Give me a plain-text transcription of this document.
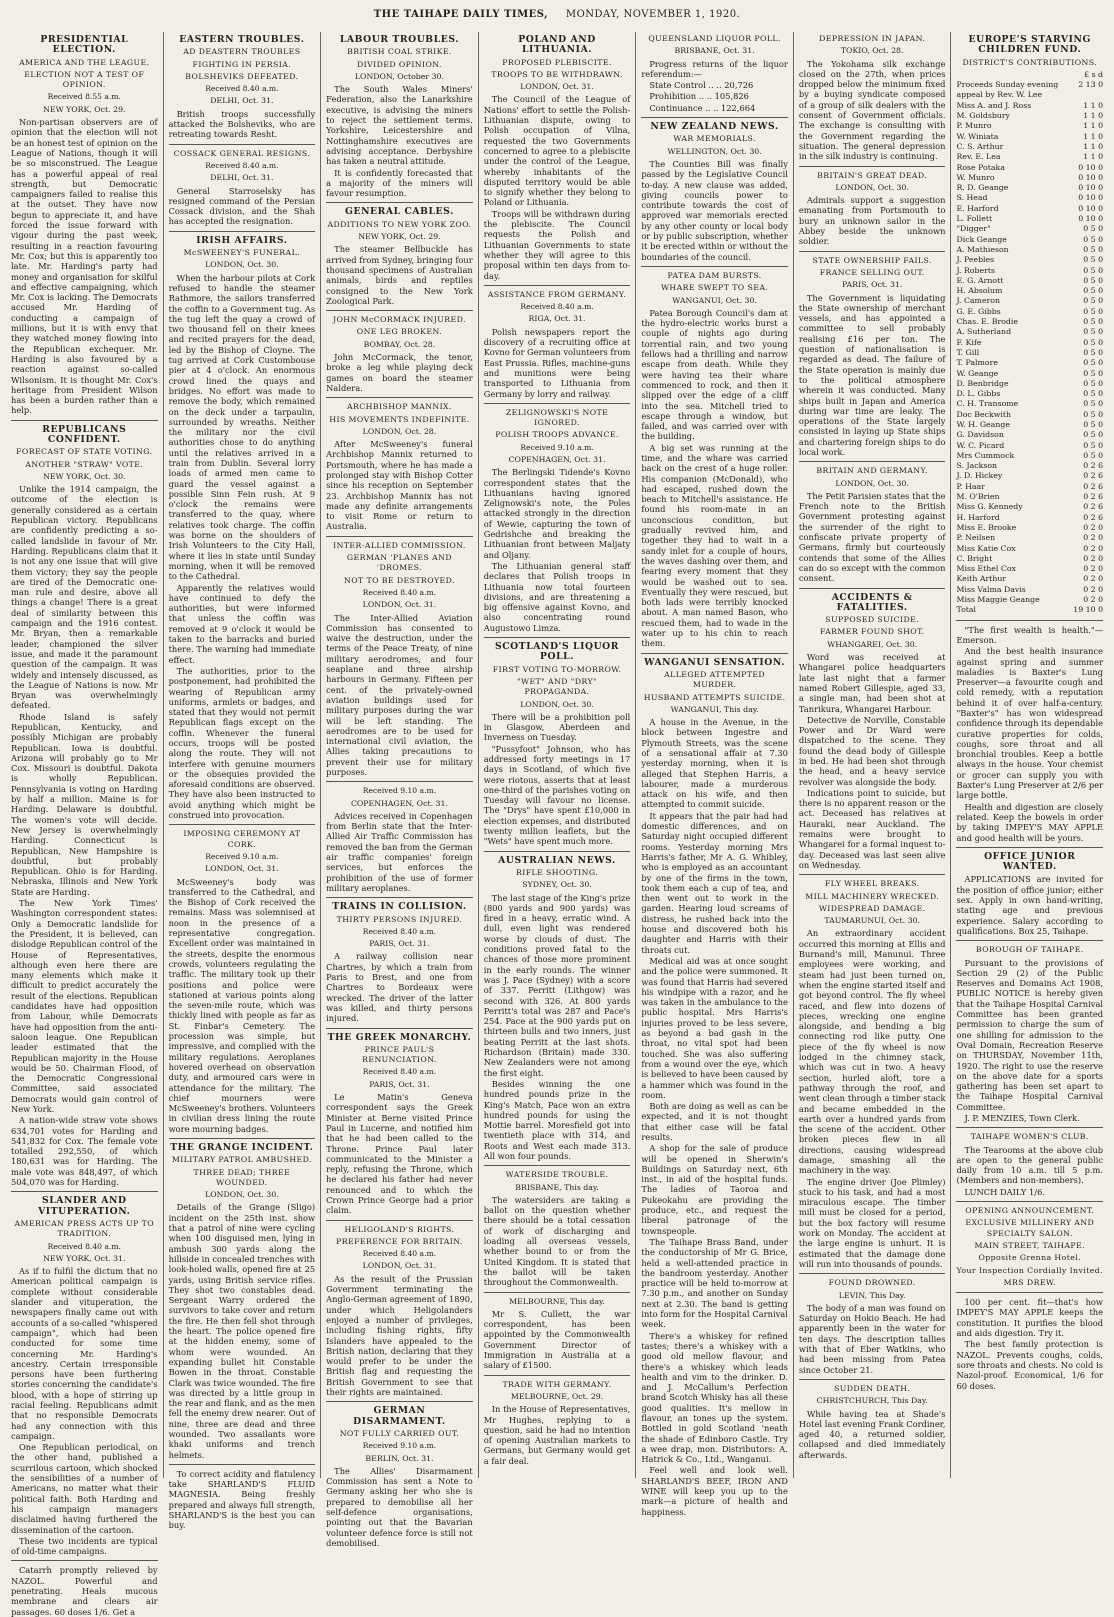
THE TAIHAPE DAILY TIMES, MONDAY, NOVEMBER 1, 1920.
PRESIDENTIAL ELECTION.
AMERICA AND THE LEAGUE.
ELECTION NOT A TEST OF OPINION.
Received 8.55 a.m.
NEW YORK, Oct. 29.
Non-partisan observers are of opinion that the election will not be an honest test of opinion on the League of Nations, though it will be so misconstrued. The League has a powerful appeal of real strength, but Democratic campaigners failed to realise this at the outset. They have now begun to appreciate it, and have forced the issue forward with vigour during the past week, resulting in a reaction favouring Mr. Cox; but this is apparently too late. Mr. Harding's party had money and organisation for skilful and effective campaigning, which Mr. Cox is lacking. The Democrats accused Mr. Harding of conducting a campaign of millions, but it is with envy that they watched money flowing into the Republican exchequer. Mr. Harding is also favoured by a reaction against so-called Wilsonism. It is thought Mr. Cox's heritage from President Wilson has been a burden rather than a help.
REPUBLICANS CONFIDENT.
FORECAST OF STATE VOTING.
ANOTHER "STRAW" VOTE.
NEW YORK, Oct. 30.
Unlike the 1914 campaign, the outcome of the election is generally considered as a certain Republican victory. Republicans are confidently predicting a so-called landslide in favour of Mr. Harding. Republicans claim that it is not any one issue that will give them victory; they say the people are tired of the Democratic one-man rule and desire, above all things a change! There is a great deal of similarity between this campaign and the 1916 contest. Mr. Bryan, then a remarkable leader, championed the silver issue, and made it the paramount question of the campaign. It was widely and intensely discussed, as the League of Nations is now. Mr Bryan was overwhelmingly defeated.
Rhode Island is safely Republican, Kentucky, and possibly Michigan are probably Republican. Iowa is doubtful. Arizona will probably go to Mr Cox. Missouri is doubtful. Dakota is wholly Republican. Pennsylvania is voting on Harding by half a million. Maine is for Harding. Delaware is doubtful. The women's vote will decide. New Jersey is overwhelmingly Harding. Connecticut is Republican, New Hampshire is doubtful, but probably Republican. Ohio is for Harding. Nebraska, Illinois and New York State are Harding.
The New York Times' Washington correspondent states: Only a Democratic landslide for the President, it is believed, can dislodge Republican control of the House of Representatives, although even here there are many elements which make it difficult to predict accurately the result of the elections. Republican candidates have had opposition from Labour, while Democrats have had opposition from the anti-saloon league. One Republican leader estimated that the Republican majority in the House would be 50. Chairman Flood, of the Democratic Congressional Committee, said associated Democrats would gain control of New York.
A nation-wide straw vote shows 634,701 votes for Harding and 541,832 for Cox. The female vote totalled 292,550, of which 180,631 was for Harding. The male vote was 848,497, of which 504,070 was for Harding.
SLANDER AND VITUPERATION.
AMERICAN PRESS ACTS UP TO TRADITION.
Received 8.40 a.m.
NEW YORK, Oct. 31.
As if to fulfil the dictum that no American political campaign is complete without considerable slander and vituperation, the newspapers finally came out with accounts of a so-called "whispered campaign", which had been conducted for some time concerning Mr. Harding's ancestry. Certain irresponsible persons have been furthering stories concerning the candidate's blood, with a hope of stirring up racial feeling. Republicans admit that no responsible Democrats had any connection with this campaign.
One Republican periodical, on the other hand, published a scurrilous cartoon, which shocked the sensibilities of a number of Americans, no matter what their political faith. Both Harding and his campaign managers disclaimed having furthered the dissemination of the cartoon.
These two incidents are typical of old-time campaigns.
Catarrh promptly relieved by NAZOL. Powerful and penetrating. Heals mucous membrane and clears air passages. 60 doses 1/6. Get a
EASTERN TROUBLES.
AD DEASTERN TROUBLES
FIGHTING IN PERSIA.
BOLSHEVIKS DEFEATED.
Received 8.40 a.m.
DELHI, Oct. 31.
British troops successfully attacked the Bolsheviks, who are retreating towards Resht.
COSSACK GENERAL RESIGNS.
Received 8.40 a.m.
DELHI, Oct. 31.
General Starroselsky has resigned command of the Persian Cossack division, and the Shah has accepted the resignation.
IRISH AFFAIRS.
McSWEENEY'S FUNERAL.
LONDON, Oct. 30.
When the harbour pilots at Cork refused to handle the steamer Rathmore, the sailors transferred the coffin to a Government tug. As the tug left the quay a crowd of two thousand fell on their knees and recited prayers for the dead, led by the Bishop of Cloyne. The tug arrived at Cork Custombouse pier at 4 o'clock. An enormous crowd lined the quays and bridges. No effort was made to remove the body, which remained on the deck under a tarpaulin, surrounded by wreaths. Neither the military nor the civil authorities chose to do anything until the relatives arrived in a train from Dublin. Several lorry loads of armed men came to guard the vessel against a possible Sinn Fein rush. At 9 o'clock the remains were transferred to the quay, where relatives took charge. The coffin was borne on the shoulders of Irish Volunteers to the City Hall, where it lies in state until Sunday morning, when it will be removed to the Cathedral.
Apparently the relatives would have continued to defy the authorities, but were informed that unless the coffin was removed at 9 o'clock it would be taken to the barracks and buried there. The warning had immediate effect.
The authorities, prior to the postponement, had prohibited the wearing of Republican army uniforms, armlets or badges, and stated that they would not permit Republican flags except on the coffin. Whenever the funeral occurs, troops will be posted along the route. They will not interfere with genuine mourners or the obsequies provided the aforesaid conditions are observed. They have also been instructed to avoid anything which might be construed into provocation.
IMPOSING CEREMONY AT CORK.
Received 9.10 a.m.
LONDON, Oct. 31.
McSweeney's body was transferred to the Cathedral, and the Bishop of Cork received the remains. Mass was solemnised at noon in the presence of a representative congregation. Excellent order was maintained in the streets, despite the enormous crowds, volunteers regulating the traffic. The military took up their positions and police were stationed at various points along the seven-mile route, which was thickly lined with people as far as St. Finbar's Cemetery. The procession was simple, but impressive, and complied with the military regulations. Aeroplanes hovered overhead on observation duty, and armoured cars were in attendance for the military. The chief mourners were McSweeney's brothers. Volunteers in civilian dress lining the route wore mourning badges.
THE GRANGE INCIDENT.
MILITARY PATROL AMBUSHED.
THREE DEAD; THREE WOUNDED.
LONDON, Oct. 30.
Details of the Grange (Sligo) incident on the 25th inst. show that a patrol of nine were cycling when 100 disguised men, lying in ambush 300 yards along the hillside in concealed trenches with look-holed walls, opened fire at 25 yards, using British service rifles. They shot two constables dead. Sergeant Warry ordered the survivors to take cover and return the fire. He then fell shot through the heart. The police opened fire at the hidden enemy, some of whom were wounded. An expanding bullet hit Constable Bowen in the throat. Constable Clark was twice wounded. The fire was directed by a little group in the rear and flank, and as the men fell the enemy drew nearer. Out of nine, three are dead and three wounded. Two assailants wore khaki uniforms and trench helmets.
To correct acidity and flatulency take SHARLAND'S FLUID MAGNESIA. Being freshly prepared and always full strength, SHARLAND'S is the best you can buy.
LABOUR TROUBLES.
BRITISH COAL STRIKE.
DIVIDED OPINION.
LONDON, October 30.
The South Wales Miners' Federation, also the Lanarkshire executive, is advising the miners to reject the settlement terms. Yorkshire, Leicestershire and Nottinghamshire executives are advising acceptance. Derbyshire has taken a neutral attitude.
It is confidently forecasted that a majority of the miners will favour resumption.
GENERAL CABLES.
ADDITIONS TO NEW YORK ZOO.
NEW YORK, Oct. 29.
The steamer Bellbuckle has arrived from Sydney, bringing four thousand specimens of Australian animals, birds and reptiles consigned to the New York Zoological Park.
JOHN McCORMACK INJURED.
ONE LEG BROKEN.
BOMBAY, Oct. 28.
John McCormack, the tenor, broke a leg while playing deck games on board the steamer Naldera.
ARCHBISHOP MANNIX.
HIS MOVEMENTS INDEFINITE.
LONDON, Oct. 28.
After McSweeney's funeral Archbishop Mannix returned to Portsmouth, where he has made a prolonged stay with Bishop Cotter since his reception on September 23. Archbishop Mannix has not made any definite arrangements to visit Rome or return to Australia.
INTER-ALLIED COMMISSION.
GERMAN 'PLANES AND 'DROMES.
NOT TO BE DESTROYED.
Received 8.40 a.m.
LONDON, Oct. 31.
The Inter-Allied Aviation Commission has consented to waive the destruction, under the terms of the Peace Treaty, of nine military aerodromes, and four seaplane and three airship harbours in Germany. Fifteen per cent. of the privately-owned aviation buildings used for military purposes during the war will be left standing. The aerodromes are to be used for international civil aviation, the Allies taking precautions to prevent their use for military purposes.
Received 9.10 a.m.
COPENHAGEN, Oct. 31.
Advices received in Copenhagen from Berlin state that the Inter-Allied Air Traffic Commission has removed the ban from the German air traffic companies' foreign services, but enforces the prohibition of the use of former military aeroplanes.
TRAINS IN COLLISION.
THIRTY PERSONS INJURED.
Received 8.40 a.m.
PARIS, Oct. 31.
A railway collision near Chartres, by which a train from Paris to Brest, and one from Chartres to Bordeaux were wrecked. The driver of the latter was killed, and thirty persons injured.
THE GREEK MONARCHY.
PRINCE PAUL'S RENUNCIATION.
Received 8.40 a.m.
PARIS, Oct. 31.
Le Matin's Geneva correspondent says the Greek Minister at Berne visited Prince Paul in Lucerne, and notified him that he had been called to the Throne. Prince Paul later communicated to the Minister a reply, refusing the Throne, which he declared his father had never renounced and to which the Crown Prince George had a prior claim.
HELIGOLAND'S RIGHTS.
PREFERENCE FOR BRITAIN.
Received 8.40 a.m.
LONDON, Oct. 31.
As the result of the Prussian Government terminating the Anglo-German agreement of 1890, under which Heligolanders enjoyed a number of privileges, including fishing rights, fifty Islanders have appealed to the British nation, declaring that they would prefer to be under the British flag and requesting the British Government to see that their rights are maintained.
GERMAN DISARMAMENT.
NOT FULLY CARRIED OUT.
Received 9.10 a.m.
BERLIN, Oct. 31.
The Allies' Disarmament Commission has sent a Note to Germany asking her who she is prepared to demobilise all her self-defence organisations, pointing out that the Bavarian volunteer defence force is still not demobilised.
POLAND AND LITHUANIA.
PROPOSED PLEBISCITE.
TROOPS TO BE WITHDRAWN.
LONDON, Oct. 31.
The Council of the League of Nations' effort to settle the Polish-Lithuanian dispute, owing to Polish occupation of Vilna, requested the two Governments concerned to agree to a plebiscite under the control of the League, whereby inhabitants of the disputed territory would be able to signify whether they belong to Poland or Lithuania.
Troops will be withdrawn during the plebiscite. The Council requests the Polish and Lithuanian Governments to state whether they will agree to this proposal within ten days from to-day.
ASSISTANCE FROM GERMANY.
Received 8.40 a.m.
RIGA, Oct. 31.
Polish newspapers report the discovery of a recruiting office at Kovno for German volunteers from East Prussia. Rifles, machine-guns and munitions were being transported to Lithuania from Germany by lorry and railway.
ZELIGNOWSKI'S NOTE IGNORED.
POLISH TROOPS ADVANCE.
Received 9.10 a.m.
COPENHAGEN, Oct. 31.
The Berlingski Tidende's Kovno correspondent states that the Lithuanians having ignored Zelignowski's note, the Poles attacked strongly in the direction of Wewie, capturing the town of Gedrishche and breaking the Lithuanian front between Maljaty and Oljany.
The Lithuanian general staff declares that Polish troops in Lithuania now total fourteen divisions, and are threatening a big offensive against Kovno, and also concentrating round Augustowo Limza.
SCOTLAND'S LIQUOR POLL.
FIRST VOTING TO-MORROW.
"WET" AND "DRY" PROPAGANDA.
LONDON, Oct. 30.
There will be a prohibition poll in Glasgow, Aberdeen and Inverness on Tuesday.
"Pussyfoot" Johnson, who has addressed forty meetings in 17 days in Scotland, of which five were riotous, asserts that at least one-third of the parishes voting on Tuesday will favour no license. The "Drys" have spent £10,000 in election expenses, and distributed twenty million leaflets, but the "Wets" have spent much more.
AUSTRALIAN NEWS.
RIFLE SHOOTING.
SYDNEY, Oct. 30.
The last stage of the King's prize (800 yards and 900 yards) was fired in a heavy, erratic wind. A dull, even light was rendered worse by clouds of dust. The conditions proved fatal to the chances of those more prominent in the early rounds. The winner was J. Pace (Sydney) with a score of 337. Perritt (Lithgow) was second with 326. At 800 yards Perritt's total was 287 and Pace's 254. Pace at the 900 yards put on thirteen bulls and two inners, just beating Perritt at the last shots. Richardson (Britain) made 330. New Zealanders were not among the first eight.
Besides winning the one hundred pounds prize in the King's Match, Pace won an extra hundred pounds for using the Mottie barrel. Moresfield got into twentieth place with 314, and Roots and West each made 313. All won four pounds.
WATERSIDE TROUBLE.
BRISBANE, This day.
The watersiders are taking a ballot on the question whether there should be a total cessation of work of discharging and loading all overseas vessels, whether bound to or from the United Kingdom. It is stated that the ballot will be taken throughout the Commonwealth.
MELBOURNE, This day.
Mr S. Cullett, the war correspondent, has been appointed by the Commonwealth Government Director of Immigration in Australia at a salary of £1500.
TRADE WITH GERMANY.
MELBOURNE, Oct. 29.
In the House of Representatives, Mr Hughes, replying to a question, said he had no intention of opening Australian markets to Germans, but Germany would get a fair deal.
QUEENSLAND LIQUOR POLL.
BRISBANE, Oct. 31.
Progress returns of the liquor referendum:—
State Control .. .. 20,726
Prohibition .. .. 105,826
Continuance .. .. 122,664
NEW ZEALAND NEWS.
WAR MEMORIALS.
WELLINGTON, Oct. 30.
The Counties Bill was finally passed by the Legislative Council to-day. A new clause was added, giving councils power to contribute towards the cost of approved war memorials erected by any other county or local body or by public subscription, whether it be erected within or without the boundaries of the council.
PATEA DAM BURSTS.
WHARE SWEPT TO SEA.
WANGANUI, Oct. 30.
Patea Borough Council's dam at the hydro-electric works burst a couple of nights ago during torrential rain, and two young fellows had a thrilling and narrow escape from death. While they were having tea their whare commenced to rock, and then it slipped over the edge of a cliff into the sea. Mitchell tried to escape through a window, but failed, and was carried over with the building.
A big set was running at the time, and the whare was carried back on the crest of a huge roller. His companion (McDonald), who had escaped, rushed down the beach to Mitchell's assistance. He found his room-mate in an unconscious condition, but gradually revived him, and together they had to wait in a sandy inlet for a couple of hours, the waves dashing over them, and fearing every moment that they would be washed out to sea. Eventually they were rescued, but both lads were terribly knocked about. A man named Bason, who rescued them, had to wade in the water up to his chin to reach them.
WANGANUI SENSATION.
ALLEGED ATTEMPTED MURDER.
HUSBAND ATTEMPTS SUICIDE.
WANGANUI, This day.
A house in the Avenue, in the block between Ingestre and Plymouth Streets, was the scene of a sensational affair at 7.30 yesterday morning, when it is alleged that Stephen Harris, a labourer, made a murderous attack on his wife, and then attempted to commit suicide.
It appears that the pair had had domestic differences, and on Saturday night occupied different rooms. Yesterday morning Mrs Harris's father, Mr A. G. Whibley, who is employed as an accountant by one of the firms in the town, took them each a cup of tea, and then went out to work in the garden. Hearing loud screams of distress, he rushed back into the house and discovered both his daughter and Harris with their throats cut.
Medical aid was at once sought and the police were summoned. It was found that Harris had severed his windpipe with a razor, and he was taken in the ambulance to the public hospital. Mrs Harris's injuries proved to be less severe, as beyond a bad gash in the throat, no vital spot had been touched. She was also suffering from a wound over the eye, which is believed to have been caused by a hammer which was found in the room.
Both are doing as well as can be expected, and it is not thought that either case will be fatal results.
A shop for the sale of produce will be opened in Sherwin's Buildings on Saturday next, 6th inst., in aid of the hospital funds. The ladies of Taoroa and Pukeokahu are providing the produce, etc., and request the liberal patronage of the townspeople.
The Taihape Brass Band, under the conductorship of Mr G. Brice, held a well-attended practice in the bandroom yesterday. Another practice will be held to-morrow at 7.30 p.m., and another on Sunday next at 2.30. The band is getting into form for the Hospital Carnival week.
There's a whiskey for refined tastes; there's a whiskey with a good old mellow flavour, and there's a whiskey which leads health and vim to the drinker. D. and J. McCallum's Perfection brand Scotch Whisky has all these good qualities. It's mellow in flavour, an tones up the system. Bottled in gold Scotland 'neath the shade of Edinboro Castle. Try a wee drap, mon. Distributors: A. Hatrick & Co., Ltd., Wanganui.
Feel well and look well. SHARLAND'S BEEF, IRON AND WINE will keep you up to the mark—a picture of health and happiness.
DEPRESSION IN JAPAN.
TOKIO, Oct. 28.
The Yokohama silk exchange closed on the 27th, when prices dropped below the minimum fixed by a buying syndicate composed of a group of silk dealers with the consent of Government officials. The exchange is consulting with the Government regarding the situation. The general depression in the silk industry is continuing.
BRITAIN'S GREAT DEAD.
LONDON, Oct. 30.
Admirals support a suggestion emanating from Portsmouth to bury an unknown sailor in the Abbey beside the unknown soldier.
STATE OWNERSHIP FAILS.
FRANCE SELLING OUT.
PARIS, Oct. 31.
The Government is liquidating the State ownership of merchant vessels, and has appointed a committee to sell probably realising £16 per ton. The question of nationalisation is regarded as dead. The failure of the State operation is mainly due to the political atmosphere wherein it was conducted. Many ships built in Japan and America during war time are leaky. The operations of the State largely consisted in laying up State ships and chartering foreign ships to do local work.
BRITAIN AND GERMANY.
LONDON, Oct. 30.
The Petit Parisien states that the French note to the British Government protesting against the surrender of the right to confiscate private property of Germans, firmly but courteously contends that some of the Allies can do so except with the common consent.
ACCIDENTS & FATALITIES.
SUPPOSED SUICIDE.
FARMER FOUND SHOT.
WHANGAREI, Oct. 30.
Word was received at Whangarei police headquarters late last night that a farmer named Robert Gillespie, aged 33, a single man, had been shot at Tanrikura, Whangarei Harbour.
Detective de Norville, Constable Power and Dr Ward were dispatched to the scene. They found the dead body of Gillespie in bed. He had been shot through the head, and a heavy service revolver was alongside the body.
Indications point to suicide, but there is no apparent reason or the act. Deceased has relatives at Hauraki, near Auckland. The remains were brought to Whangarei for a formal inquest to-day. Deceased was last seen alive on Wednesday.
FLY WHEEL BREAKS.
MILL MACHINERY WRECKED.
WIDESPREAD DAMAGE.
TAUMARUNUI, Oct. 30.
An extraordinary accident occurred this morning at Ellis and Burnand's mill, Manunui. Three employees were working, and steam had just been turned on, when the engine started itself and got beyond control. The fly wheel raced, and flew into dozens of pieces, wrecking one engine alongside, and bending a big connecting rod like putty. One piece of the fly wheel is now lodged in the chimney stack, which was cut in two. A heavy section, hurled aloft, tore a pathway through the roof, and went clean through a timber stack and became embedded in the earth over a hundred yards from the scene of the accident. Other broken pieces flew in all directions, causing widespread damage, smashing all the machinery in the way.
The engine driver (Joe Plimley) stuck to his task, and had a most miraculous escape. The timber mill must be closed for a period, but the box factory will resume work on Monday. The accident at the large engine is unhurt. It is estimated that the damage done will run into thousands of pounds.
FOUND DROWNED.
LEVIN, This Day.
The body of a man was found on Saturday on Hokio Beach. He had apparently been in the water for ten days. The description tallies with that of Eber Watkins, who had been missing from Patea since October 21.
SUDDEN DEATH.
CHRISTCHURCH, This Day.
While having tea at Shade's Hotel last evening Frank Cordiner, aged 40, a returned soldier, collapsed and died immediately afterwards.
EUROPE'S STARVING CHILDREN FUND.
DISTRICT'S CONTRIBUTIONS.
£ s d
Proceeds Sunday evening appeal by Rev. W. Lee
2 13 0
Miss A. and J. Ross	1 1 0
M. Goldsbury	1 1 0
P. Munro	1 1 0
W. Winiata	1 1 0
C. S. Arthur	1 1 0
Rev. E. Lea	1 1 0
Rose Potaka	0 10 0
W. Munro	0 10 0
R. D. Geange	0 10 0
S. Head	0 10 0
E. Harford	0 10 0
L. Follett	0 10 0
"Digger"	0 5 0
Dick Geange	0 5 0
A. Mathieson	0 5 0
J. Peebles	0 5 0
J. Roberts	0 5 0
E. G. Arnott	0 5 0
H. Absolum	0 5 0
J. Cameron	0 5 0
G. E. Gibbs	0 5 0
Chas. E. Brodie	0 5 0
A. Sutherland	0 5 0
F. Kife	0 5 0
T. Gill	0 5 0
T. Palmore	0 5 0
W. Geange	0 5 0
D. Benbridge	0 5 0
D. L. Gibbs	0 5 0
C. H. Transome	0 5 0
Doc Beckwith	0 5 0
W. H. Geange	0 5 0
G. Davidson	0 5 0
W. C. Picard	0 5 0
Mrs Cummock	0 5 0
S. Jackson	0 2 6
J. D. Hickey	0 2 6
P. Haar	0 2 6
M. O'Brien	0 2 6
Miss G. Kennedy	0 2 6
H. Harford	0 2 6
Miss E. Brooke	0 2 0
P. Neilsen	0 2 0
Miss Katie Cox	0 2 0
C. Bright	0 2 0
Miss Ethel Cox	0 2 0
Keith Arthur	0 2 0
Miss Valma Davis	0 2 0
Miss Maggie Geange	0 2 0
Total	19 10 0
"The first wealth is health."—Emerson.
And the best health insurance against spring and summer maladies is Baxter's Lung Preserver—a favourite cough and cold remedy, with a reputation behind it of over half-a-century. "Baxter's" has won widespread confidence through its dependable curative properties for colds, coughs, sore throat and all bronchial troubles. Keep a bottle always in the house. Your chemist or grocer can supply you with Baxter's Lung Preserver at 2/6 per large bottle.
Health and digestion are closely related. Keep the bowels in order by taking IMPEY'S MAY APPLE and good health will be yours.
OFFICE JUNIOR WANTED.
APPLICATIONS are invited for the position of office junior; either sex. Apply in own hand-writing, stating age and previous experience. Salary according to qualifications. Box 25, Taihape.
BOROUGH OF TAIHAPE.
Pursuant to the provisions of Section 29 (2) of the Public Reserves and Domains Act 1908, PUBLIC NOTICE is hereby given that the Taihape Hospital Carnival Committee has been granted permission to charge the sum of one shilling for admission to the Oval Domain, Recreation Reserve on THURSDAY, November 11th, 1920. The right to use the reserve on the above date for a sports gathering has been set apart to the Taihape Hospital Carnival Committee.
J. P. MENZIES, Town Clerk.
TAIHAPE WOMEN'S CLUB.
The Tearooms at the above club are open to the general public daily from 10 a.m. till 5 p.m. (Members and non-members).
LUNCH DAILY 1/6.
OPENING ANNOUNCEMENT.
EXCLUSIVE MILLINERY AND SPECIALTY SALON.
MAIN STREET, TAIHAPE.
Opposite Grenna Hotel.
Your Inspection Cordially Invited.
MRS DREW.
100 per cent. fit—that's how IMPEY'S MAY APPLE keeps the constitution. It purifies the blood and aids digestion. Try it.
The best family protection is NAZOL. Prevents coughs, colds, sore throats and chests. No cold is Nazol-proof. Economical, 1/6 for 60 doses.
